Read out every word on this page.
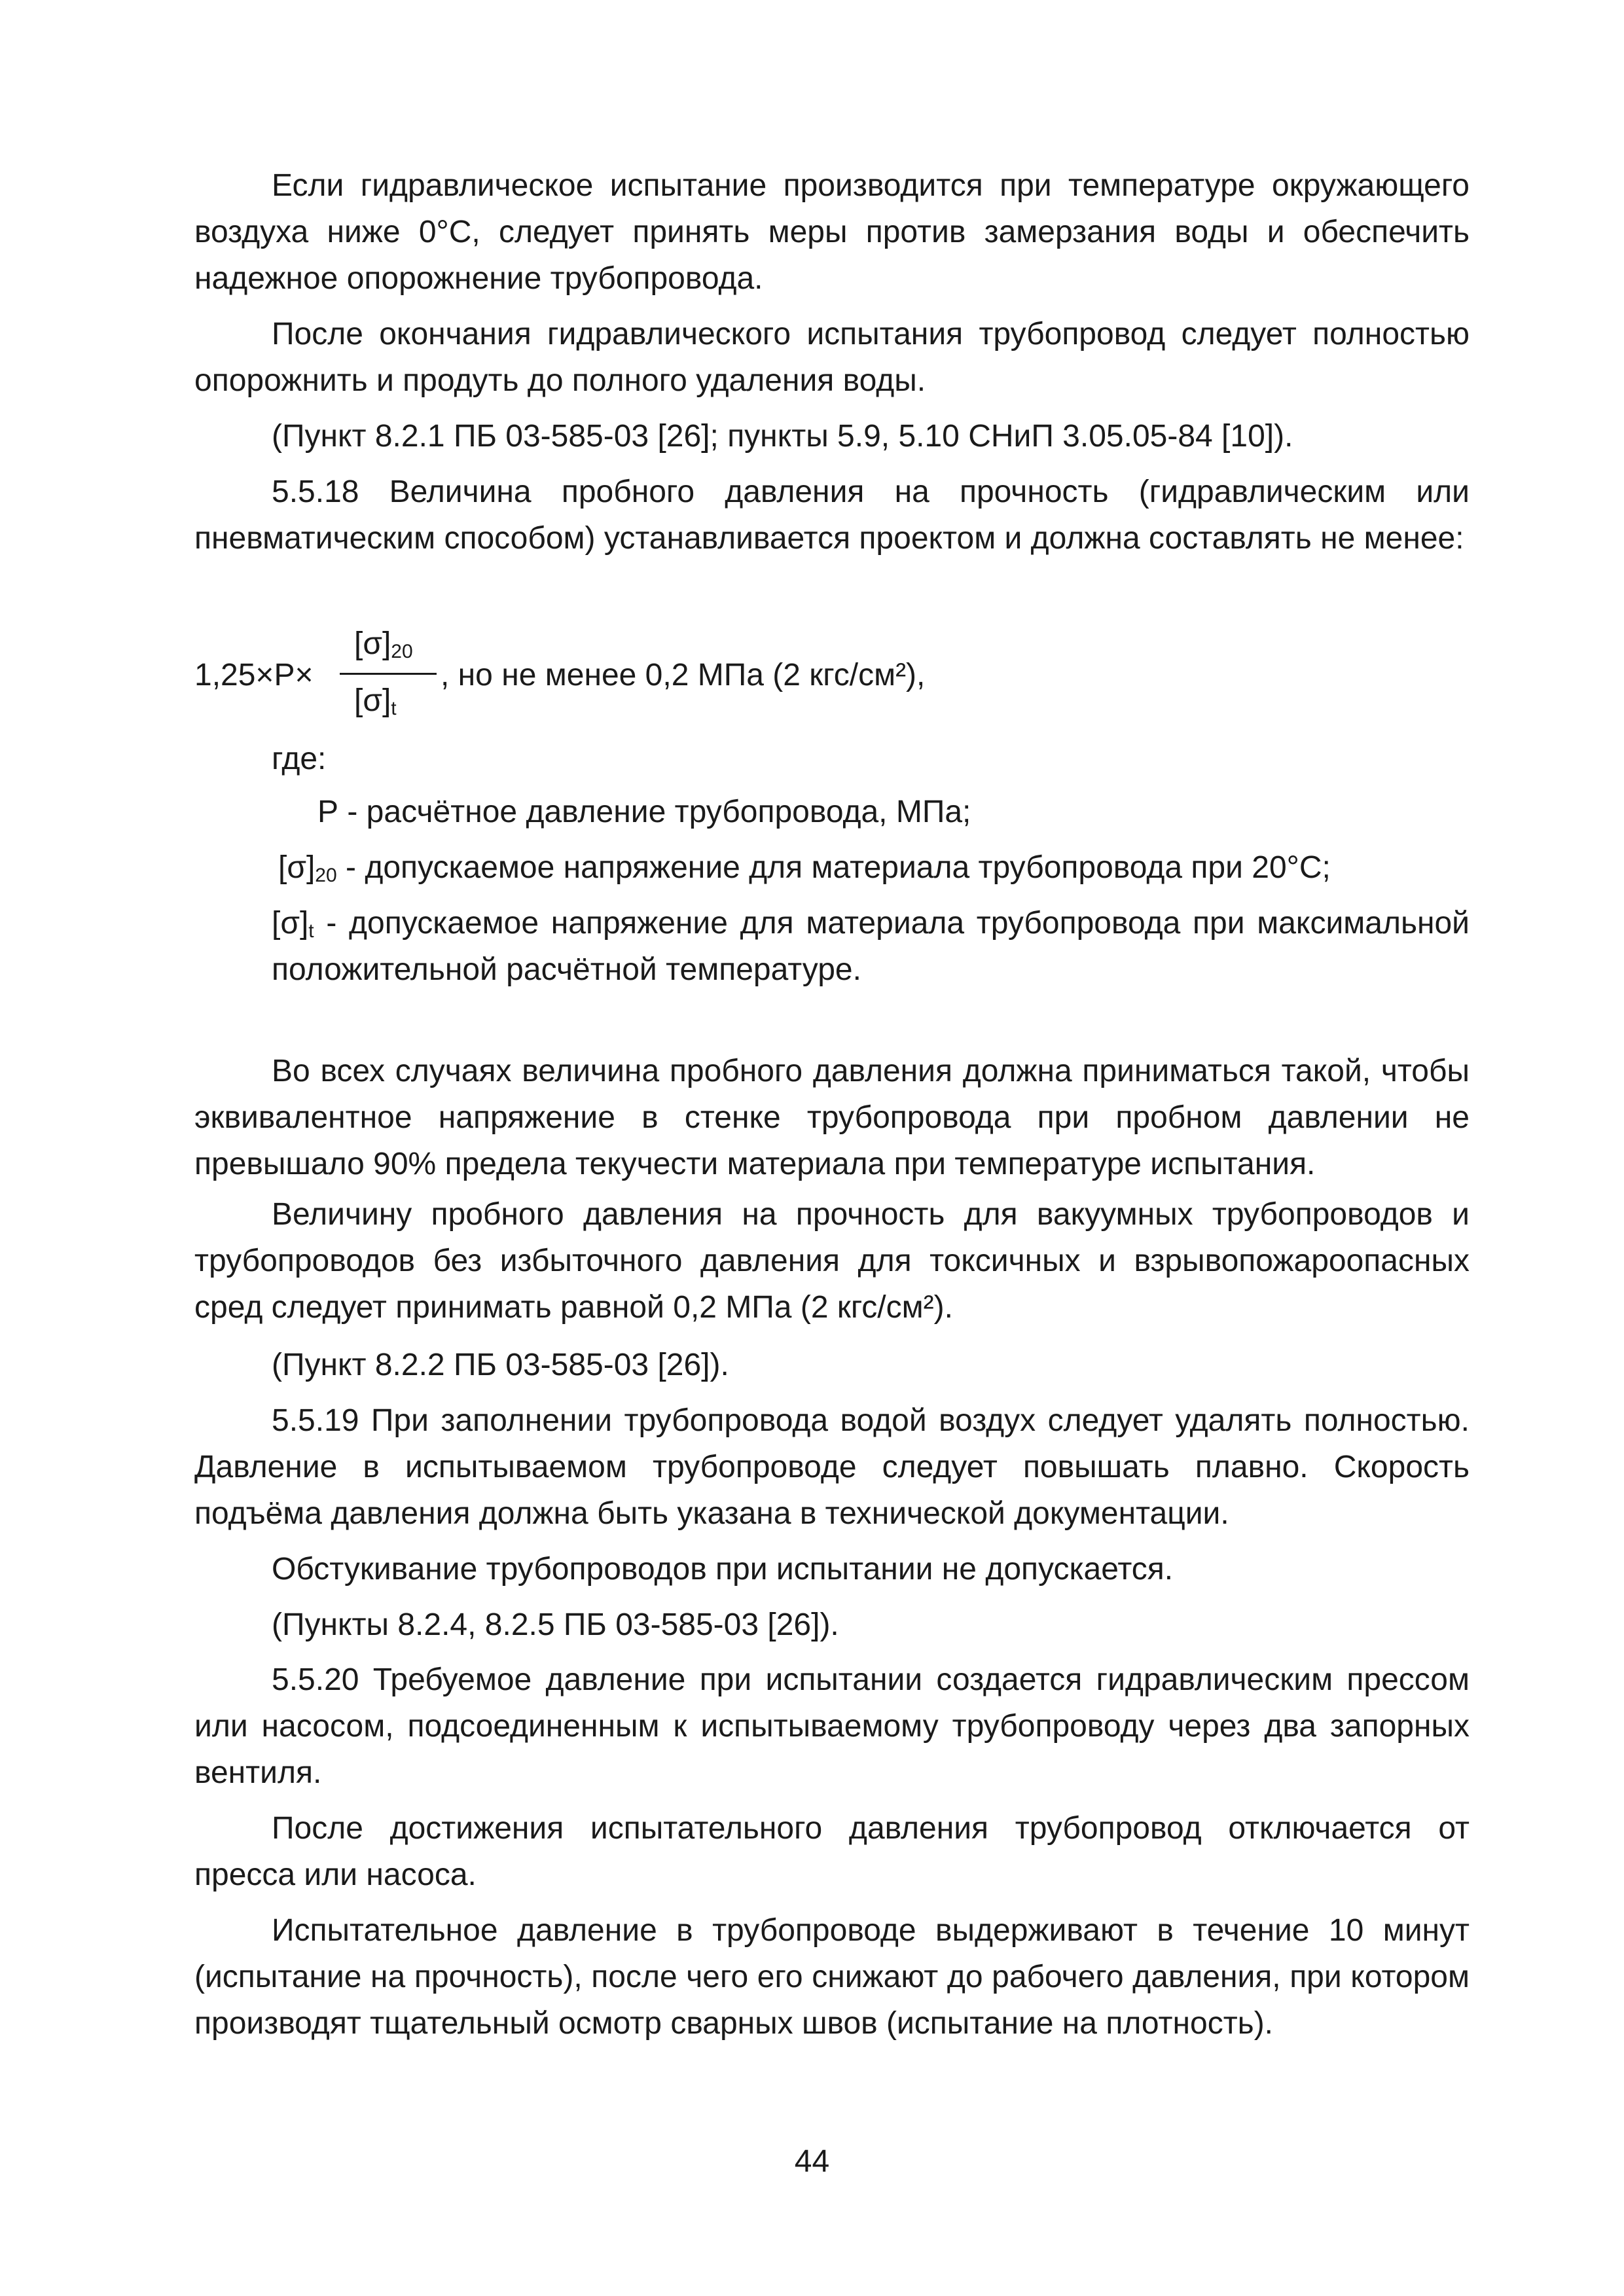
Если гидравлическое испытание производится при температуре окружающего воздуха ниже 0°С, следует принять меры против замерзания воды и обеспечить надежное опорожнение трубопровода.

После окончания гидравлического испытания трубопровод следует полностью опорожнить и продуть до полного удаления воды.

(Пункт 8.2.1 ПБ 03-585-03 [26]; пункты 5.9, 5.10 СНиП 3.05.05-84 [10]).

5.5.18 Величина пробного давления на прочность (гидравлическим или пневматическим способом) устанавливается проектом и должна составлять не менее:

1,25×Р×
$[\sigma]_{20}$
$[\sigma]_t$
, но не менее 0,2 МПа (2 кгс/см²),
где:

Р - расчётное давление трубопровода, МПа;

$[\sigma]_{20}$ - допускаемое напряжение для материала трубопровода при 20°С;

$[\sigma]_t$ - допускаемое напряжение для материала трубопровода при максимальной положительной расчётной температуре.

Во всех случаях величина пробного давления должна приниматься такой, чтобы эквивалентное напряжение в стенке трубопровода при пробном давлении не превышало 90% предела текучести материала при температуре испытания.

Величину пробного давления на прочность для вакуумных трубопроводов и трубопроводов без избыточного давления для токсичных и взрывопожароопасных сред следует принимать равной 0,2 МПа (2 кгс/см²).

(Пункт 8.2.2 ПБ 03-585-03 [26]).

5.5.19 При заполнении трубопровода водой воздух следует удалять полностью. Давление в испытываемом трубопроводе следует повышать плавно. Скорость подъёма давления должна быть указана в технической документации.

Обстукивание трубопроводов при испытании не допускается.

(Пункты 8.2.4, 8.2.5 ПБ 03-585-03 [26]).

5.5.20 Требуемое давление при испытании создается гидравлическим прессом или насосом, подсоединенным к испытываемому трубопроводу через два запорных вентиля.

После достижения испытательного давления трубопровод отключается от пресса или насоса.

Испытательное давление в трубопроводе выдерживают в течение 10 минут (испытание на прочность), после чего его снижают до рабочего давления, при котором производят тщательный осмотр сварных швов (испытание на плотность).

44
